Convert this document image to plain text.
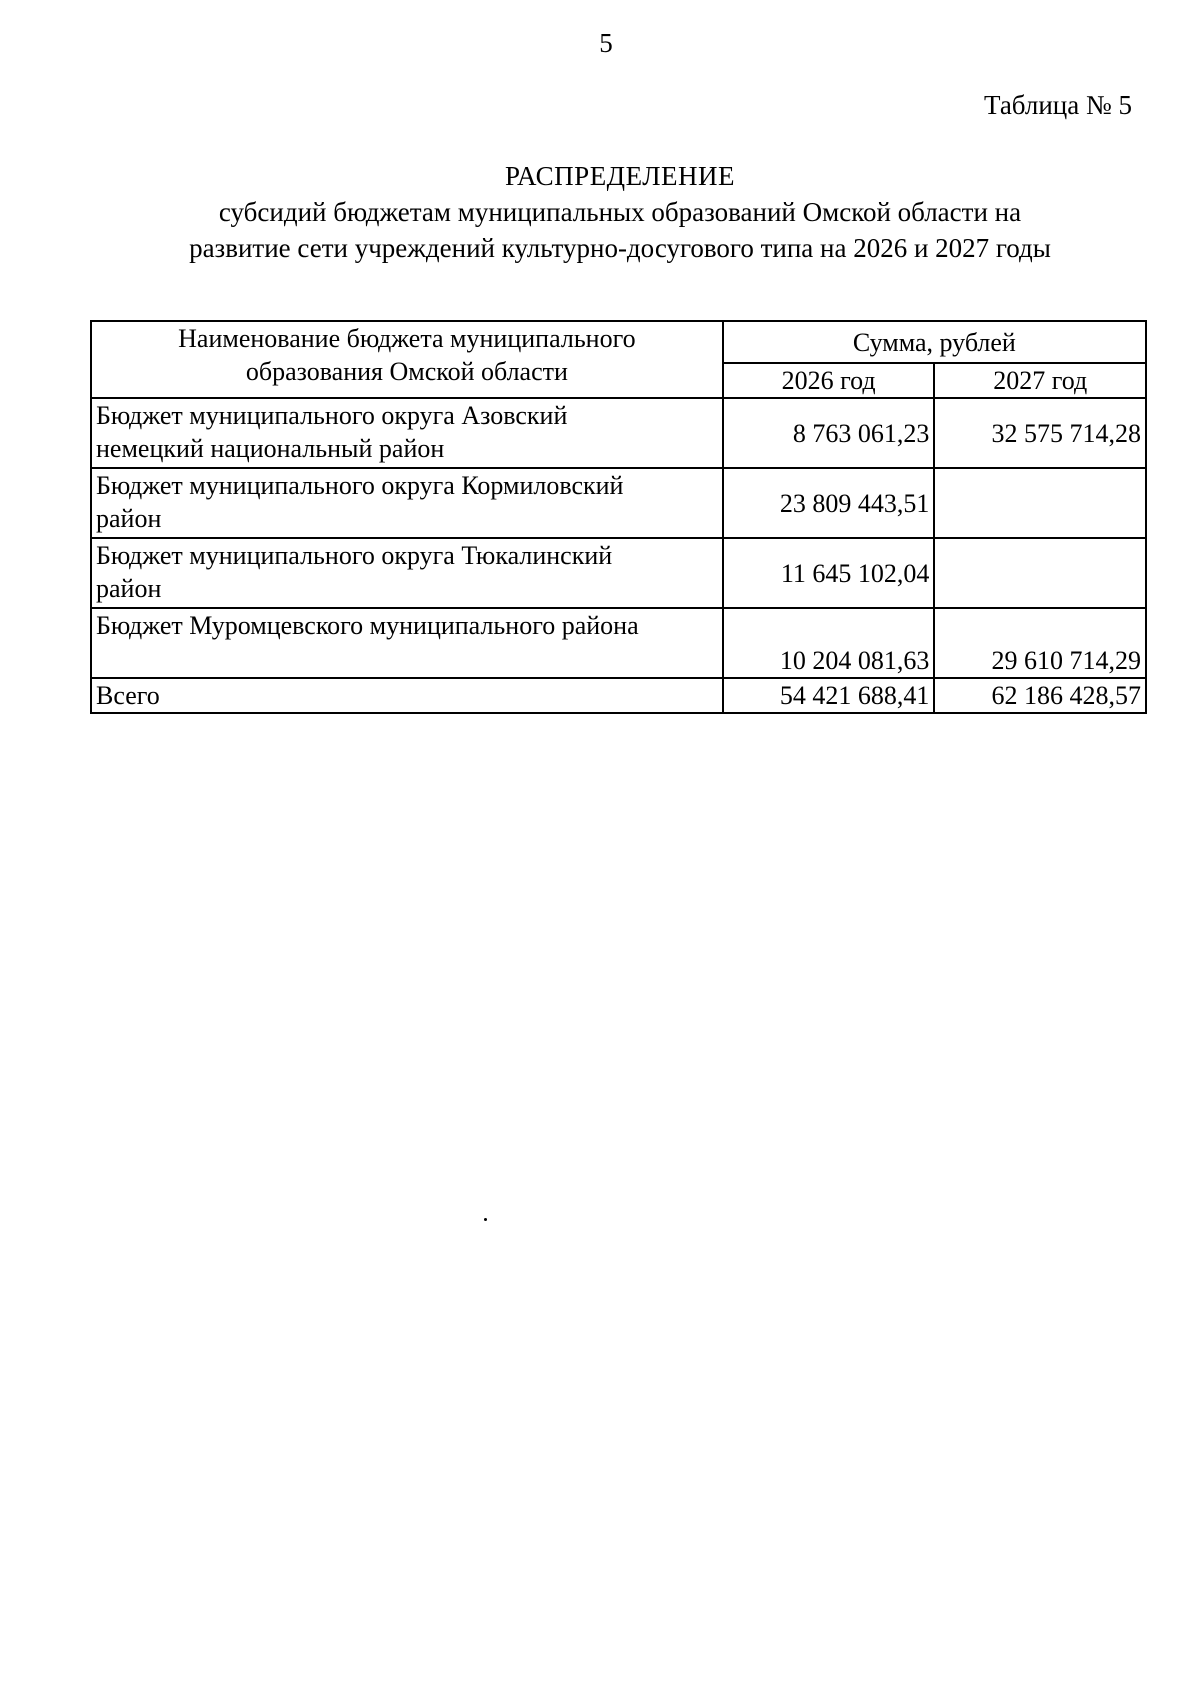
5
Таблица № 5
РАСПРЕДЕЛЕНИЕ
субсидий бюджетам муниципальных образований Омской области на
развитие сети учреждений культурно-досугового типа на 2026 и 2027 годы
Наименование бюджета муниципального
образования Омской области	Сумма, рублей	
	2026 год	2027 год
Бюджет муниципального округа Азовский
немецкий национальный район	8 763 061,23	32 575 714,28
Бюджет муниципального округа Кормиловский
район	23 809 443,51	
Бюджет муниципального округа Тюкалинский
район	11 645 102,04	
Бюджет Муромцевского муниципального района	10 204 081,63	29 610 714,29
Всего	54 421 688,41	62 186 428,57
